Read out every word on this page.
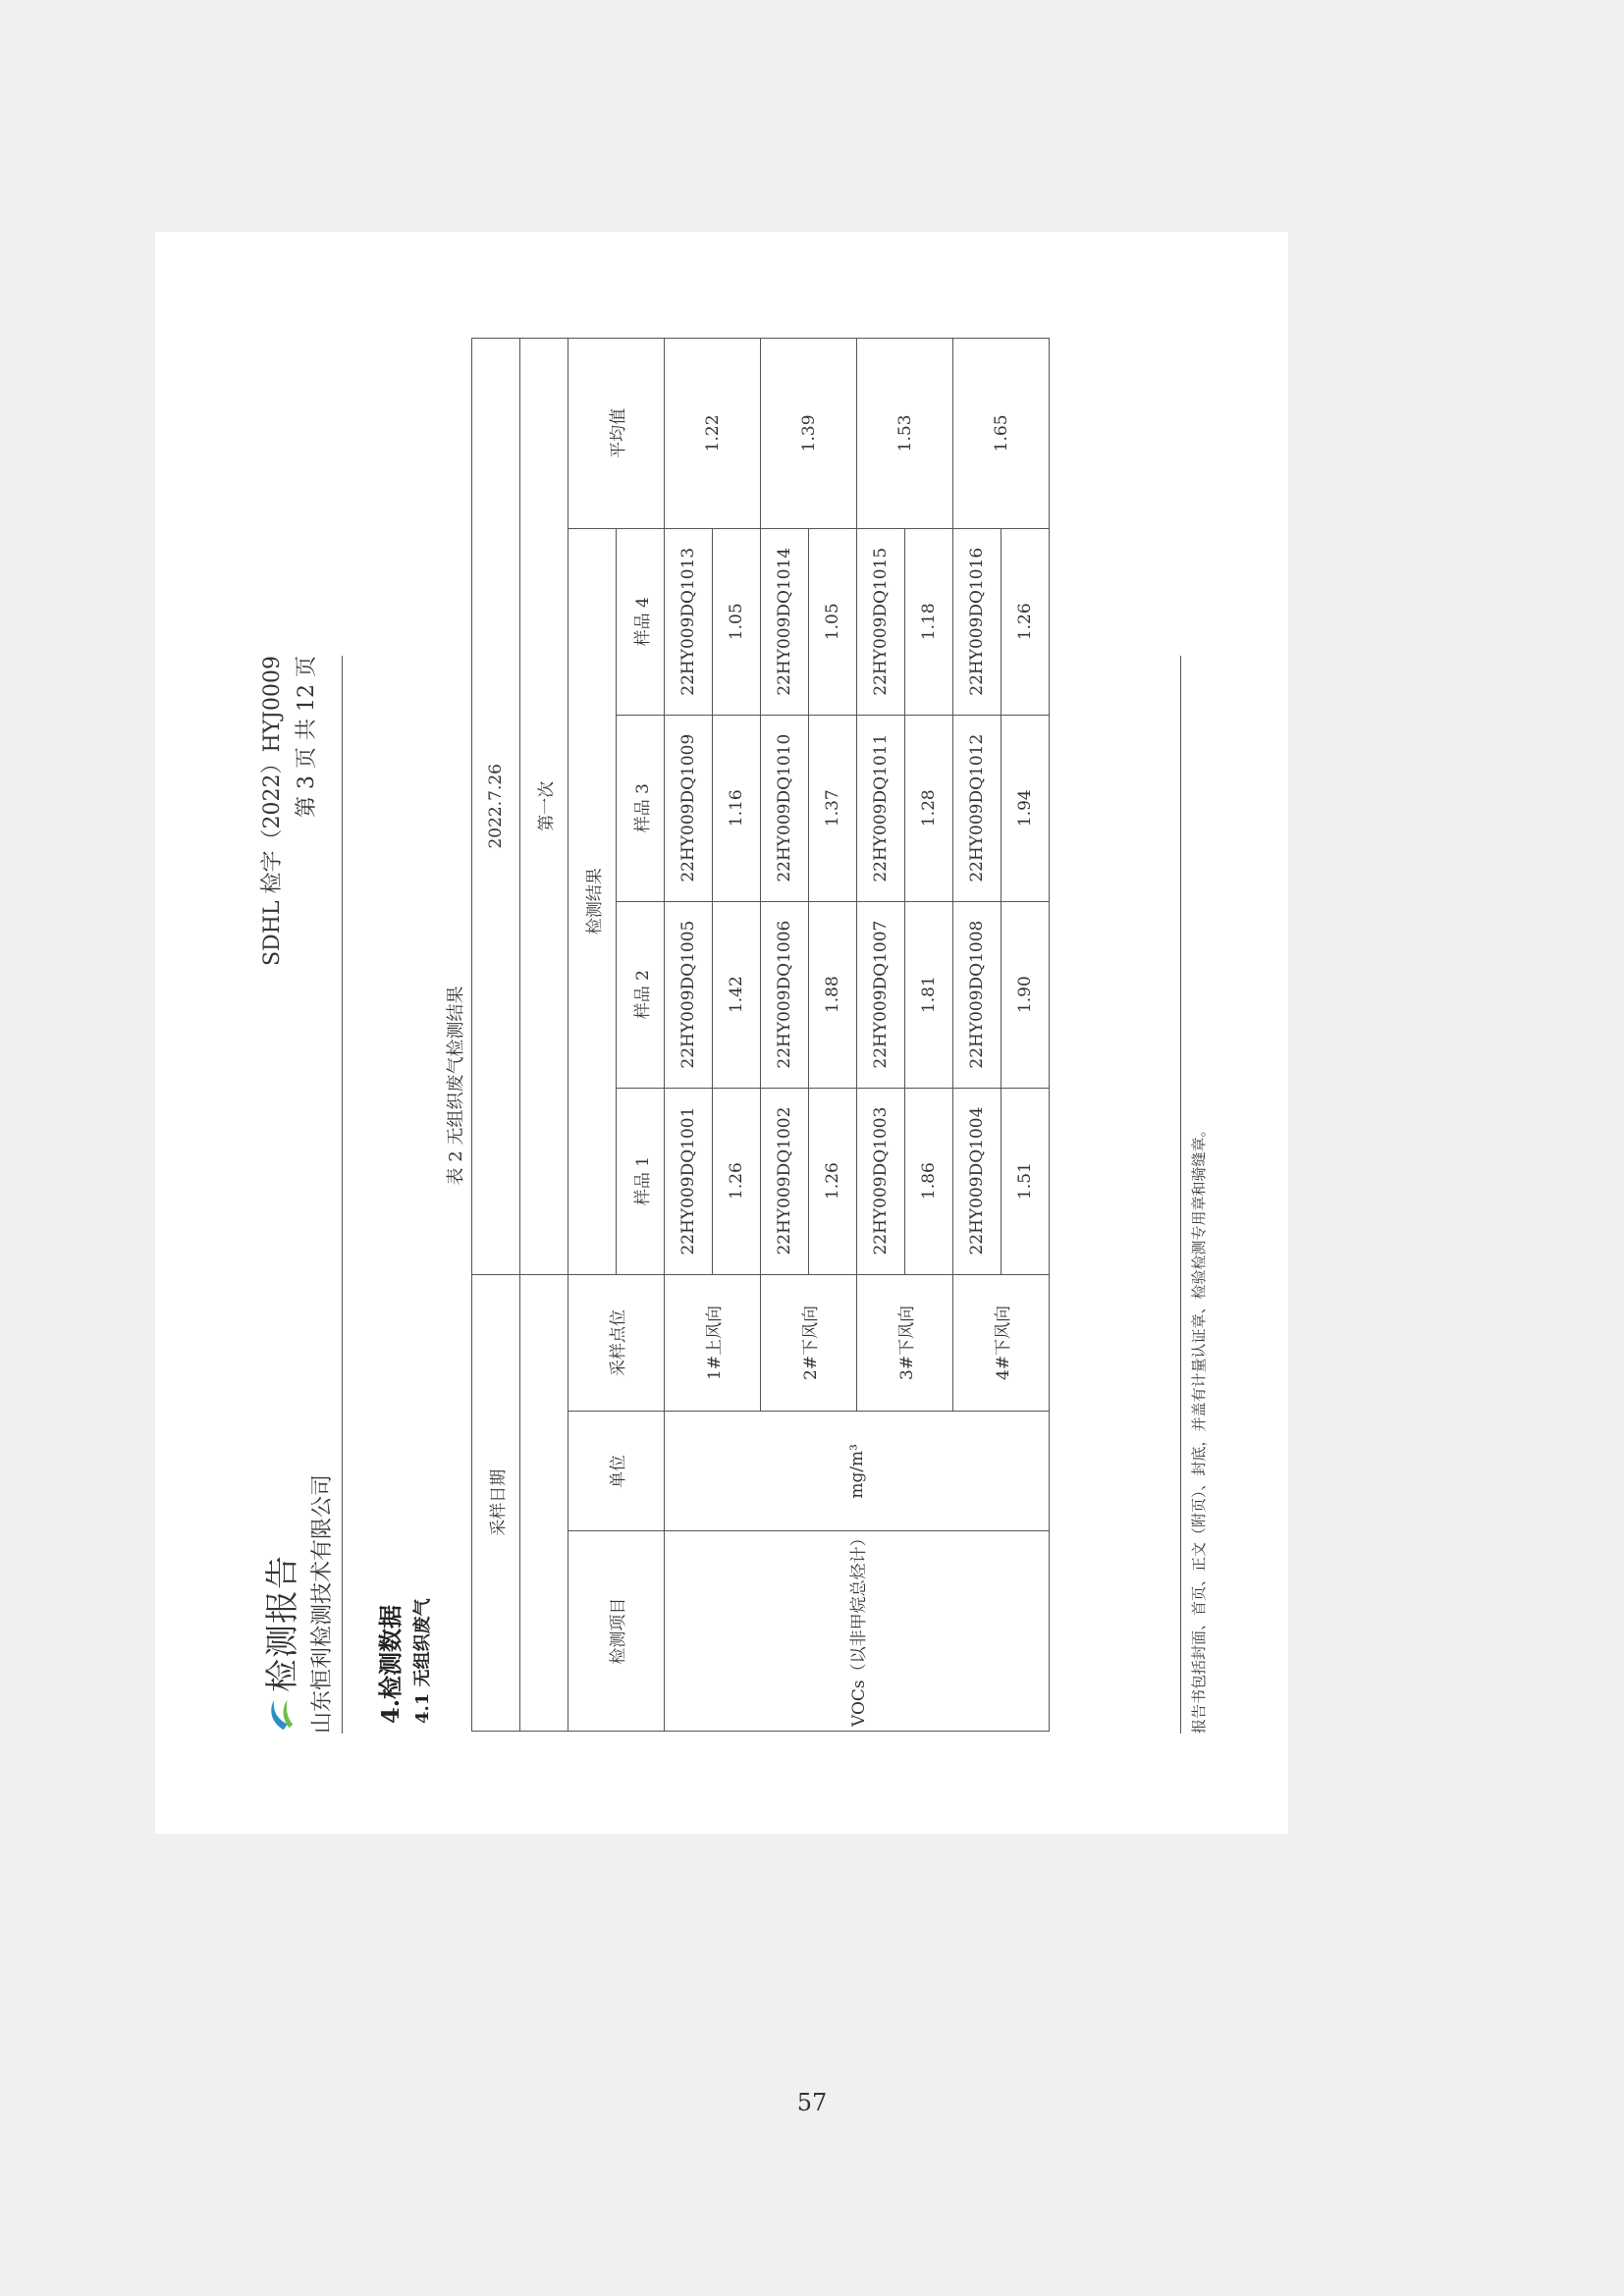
检测报告 山东恒利检测技术有限公司
SDHL 检字（2022）HYJ0009 第 3 页 共 12 页
4.检测数据 4.1 无组织废气
表 2 无组织废气检测结果
采样日期			2022.7.26				
			第一次				
检测项目	单位	采样点位	检测结果				平均值
			样品 1	样品 2	样品 3	样品 4	
VOCs（以非甲烷总烃计）	mg/m³	1#上风向	22HY009DQ1001	22HY009DQ1005	22HY009DQ1009	22HY009DQ1013	1.22
			1.26	1.42	1.16	1.05	
		2#下风向	22HY009DQ1002	22HY009DQ1006	22HY009DQ1010	22HY009DQ1014	1.39
			1.26	1.88	1.37	1.05	
		3#下风向	22HY009DQ1003	22HY009DQ1007	22HY009DQ1011	22HY009DQ1015	1.53
			1.86	1.81	1.28	1.18	
		4#下风向	22HY009DQ1004	22HY009DQ1008	22HY009DQ1012	22HY009DQ1016	1.65
			1.51	1.90	1.94	1.26	
报告书包括封面、首页、正文（附页）、封底，并盖有计量认证章、检验检测专用章和骑缝章。
57
